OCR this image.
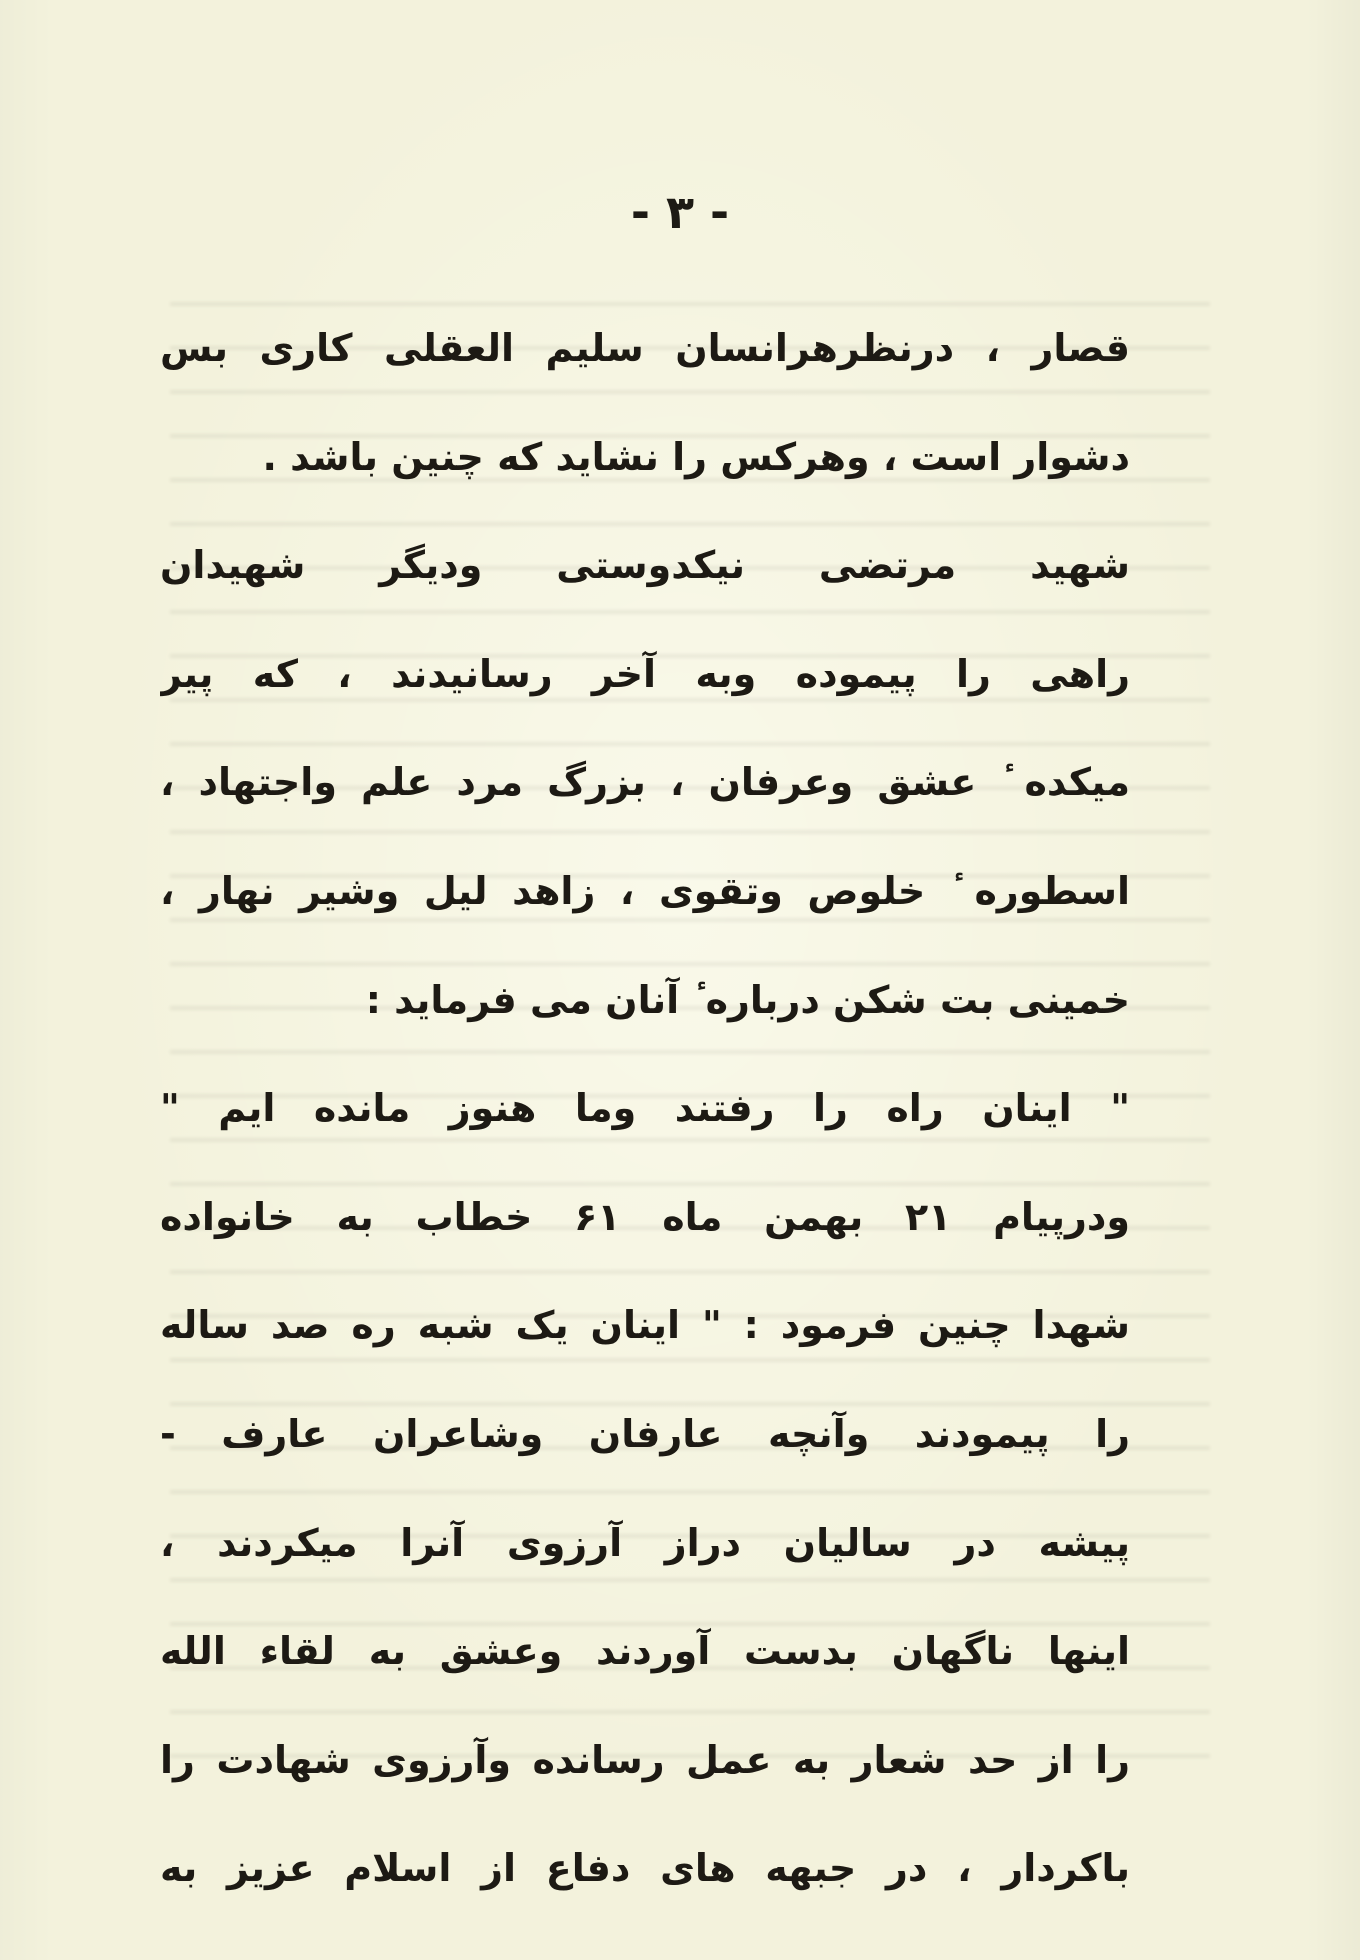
- ٣ -
قصار ، درنظرهرانسان سلیم العقلی کاری بس
دشوار است ، وهرکس را نشاید که چنین باشد .
شهید مرتضی نیکدوستی ودیگر شهیدان
راهی را پیموده وبه آخر رسانیدند ، که پیر
میکده ٔ عشق وعرفان ، بزرگ مرد علم واجتهاد ،
اسطوره ٔ خلوص وتقوی ، زاهد لیل وشیر نهار ،
خمینی بت شکن درباره ٔ آنان می فرماید :
" اینان راه را رفتند وما هنوز مانده ایم "
ودرپیام ۲۱ بهمن ماه ۶۱ خطاب به خانواده
شهدا چنین فرمود : " اینان یک شبه ره صد ساله
را پیمودند وآنچه عارفان وشاعران عارف -
پیشه در سالیان دراز آرزوی آنرا میکردند ،
اینها ناگهان بدست آوردند وعشق به لقاء الله
را از حد شعار به عمل رسانده وآرزوی شهادت را
باکردار ، در جبهه های دفاع از اسلام عزیز به
